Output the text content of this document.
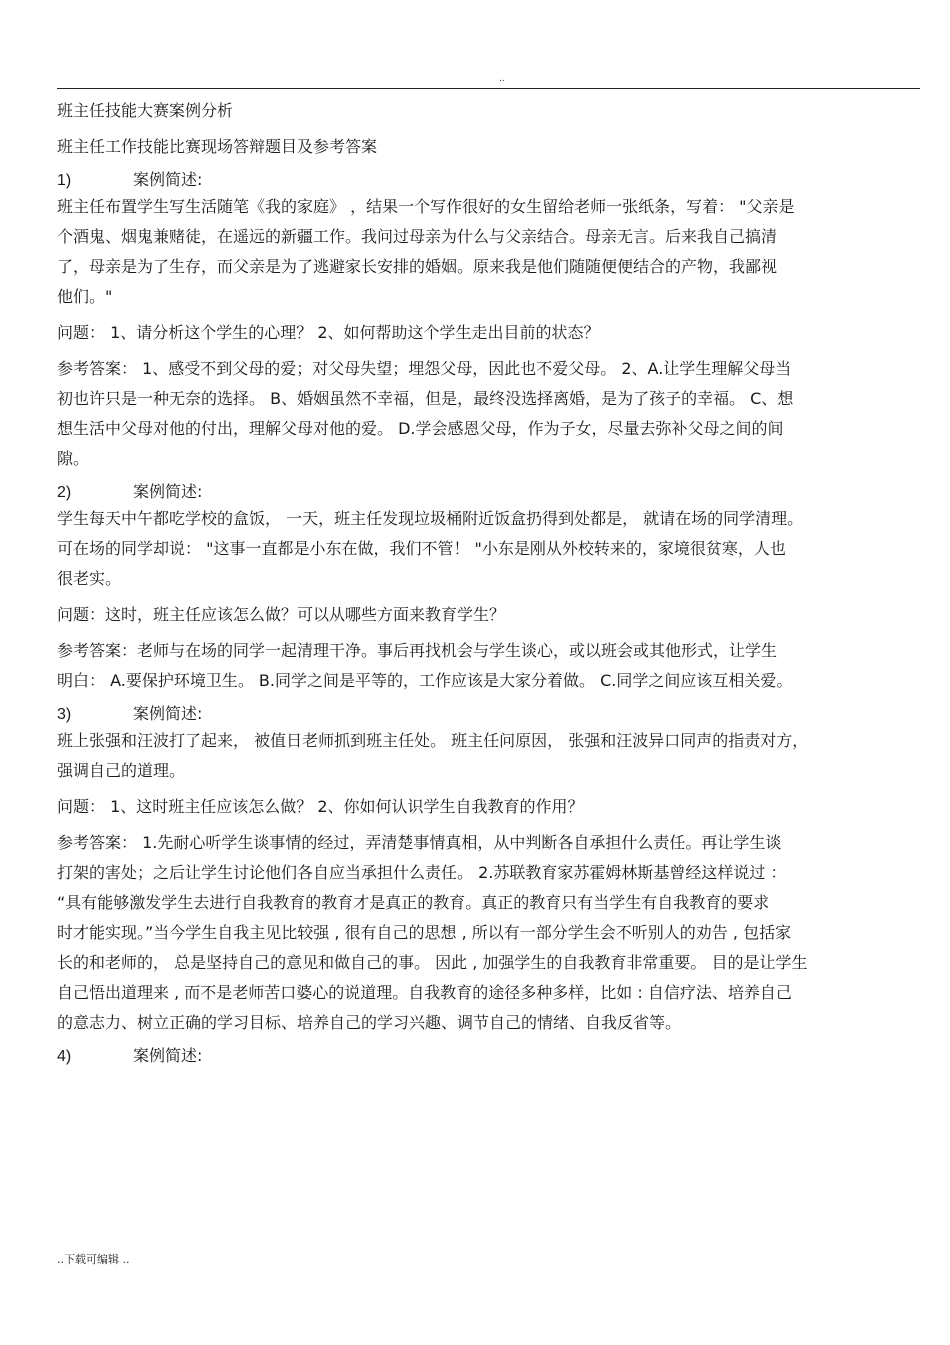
..
班主任技能大赛案例分析
班主任工作技能比赛现场答辩题目及参考答案
1)	案例简述:
班主任布置学生写生活随笔《我的家庭》 ，结果一个写作很好的女生留给老师一张纸条，写着： "父亲是
个酒鬼、烟鬼兼赌徒，在遥远的新疆工作。我问过母亲为什么与父亲结合。母亲无言。后来我自己搞清
了，母亲是为了生存，而父亲是为了逃避家长安排的婚姻。原来我是他们随随便便结合的产物，我鄙视
他们。"
问题： 1、请分析这个学生的心理？ 2、如何帮助这个学生走出目前的状态？
参考答案： 1、感受不到父母的爱；对父母失望；埋怨父母，因此也不爱父母。 2、A.让学生理解父母当
初也许只是一种无奈的选择。 B、婚姻虽然不幸福，但是，最终没选择离婚，是为了孩子的幸福。 C、想
想生活中父母对他的付出，理解父母对他的爱。 D.学会感恩父母，作为子女，尽量去弥补父母之间的间
隙。
2)	案例简述:
学生每天中午都吃学校的盒饭， 一天，班主任发现垃圾桶附近饭盒扔得到处都是， 就请在场的同学清理。
可在场的同学却说： "这事一直都是小东在做，我们不管！ "小东是刚从外校转来的，家境很贫寒，人也
很老实。
问题：这时，班主任应该怎么做？可以从哪些方面来教育学生？
参考答案：老师与在场的同学一起清理干净。事后再找机会与学生谈心，或以班会或其他形式，让学生
明白： A.要保护环境卫生。 B.同学之间是平等的，工作应该是大家分着做。 C.同学之间应该互相关爱。
3)	案例简述:
班上张强和汪波打了起来， 被值日老师抓到班主任处。 班主任问原因， 张强和汪波异口同声的指责对方，
强调自己的道理。
问题： 1、这时班主任应该怎么做？ 2、你如何认识学生自我教育的作用？
参考答案： 1.先耐心听学生谈事情的经过，弄清楚事情真相，从中判断各自承担什么责任。再让学生谈
打架的害处；之后让学生讨论他们各自应当承担什么责任。 2.苏联教育家苏霍姆林斯基曾经这样说过 ：
“具有能够激发学生去进行自我教育的教育才是真正的教育。真正的教育只有当学生有自我教育的要求
时才能实现。”当今学生自我主见比较强 , 很有自己的思想 , 所以有一部分学生会不听别人的劝告 , 包括家
长的和老师的， 总是坚持自己的意见和做自己的事。 因此 , 加强学生的自我教育非常重要。 目的是让学生
自己悟出道理来 , 而不是老师苦口婆心的说道理。自我教育的途径多种多样，比如 : 自信疗法、培养自己
的意志力、树立正确的学习目标、培养自己的学习兴趣、调节自己的情绪、自我反省等。
4)	案例简述:
..下载可编辑 ..
